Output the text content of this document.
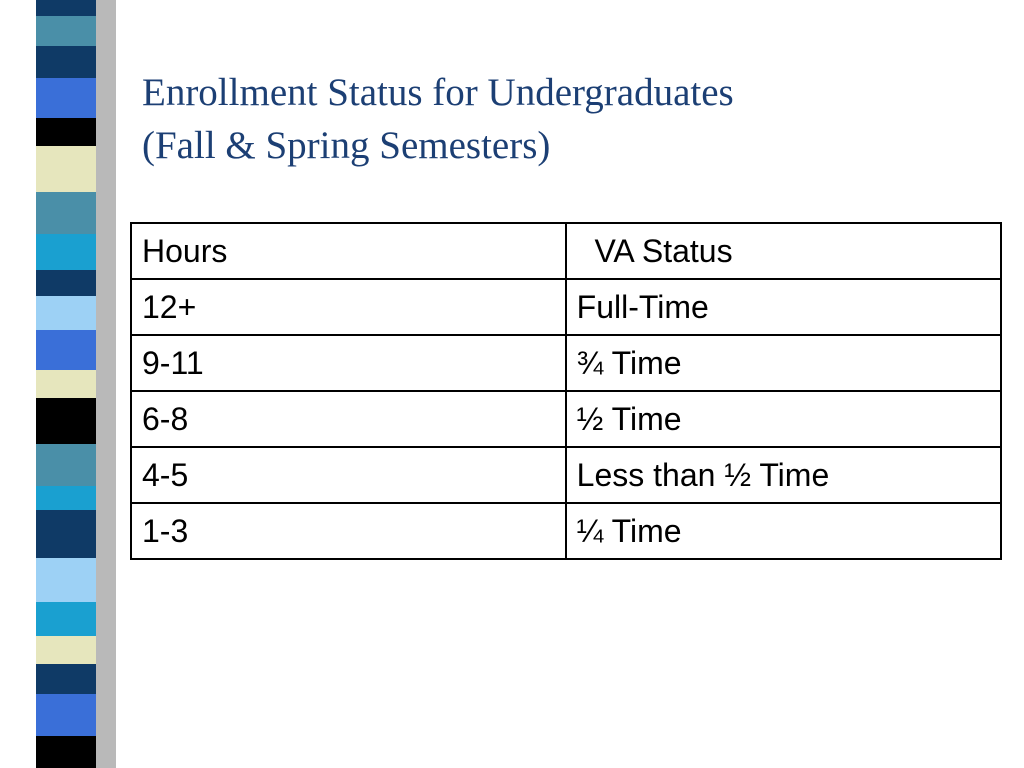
Enrollment Status for Undergraduates
(Fall & Spring Semesters)
Hours	VA Status
12+	Full-Time
9-11	¾ Time
6-8	½ Time
4-5	Less than ½ Time
1-3	¼ Time
